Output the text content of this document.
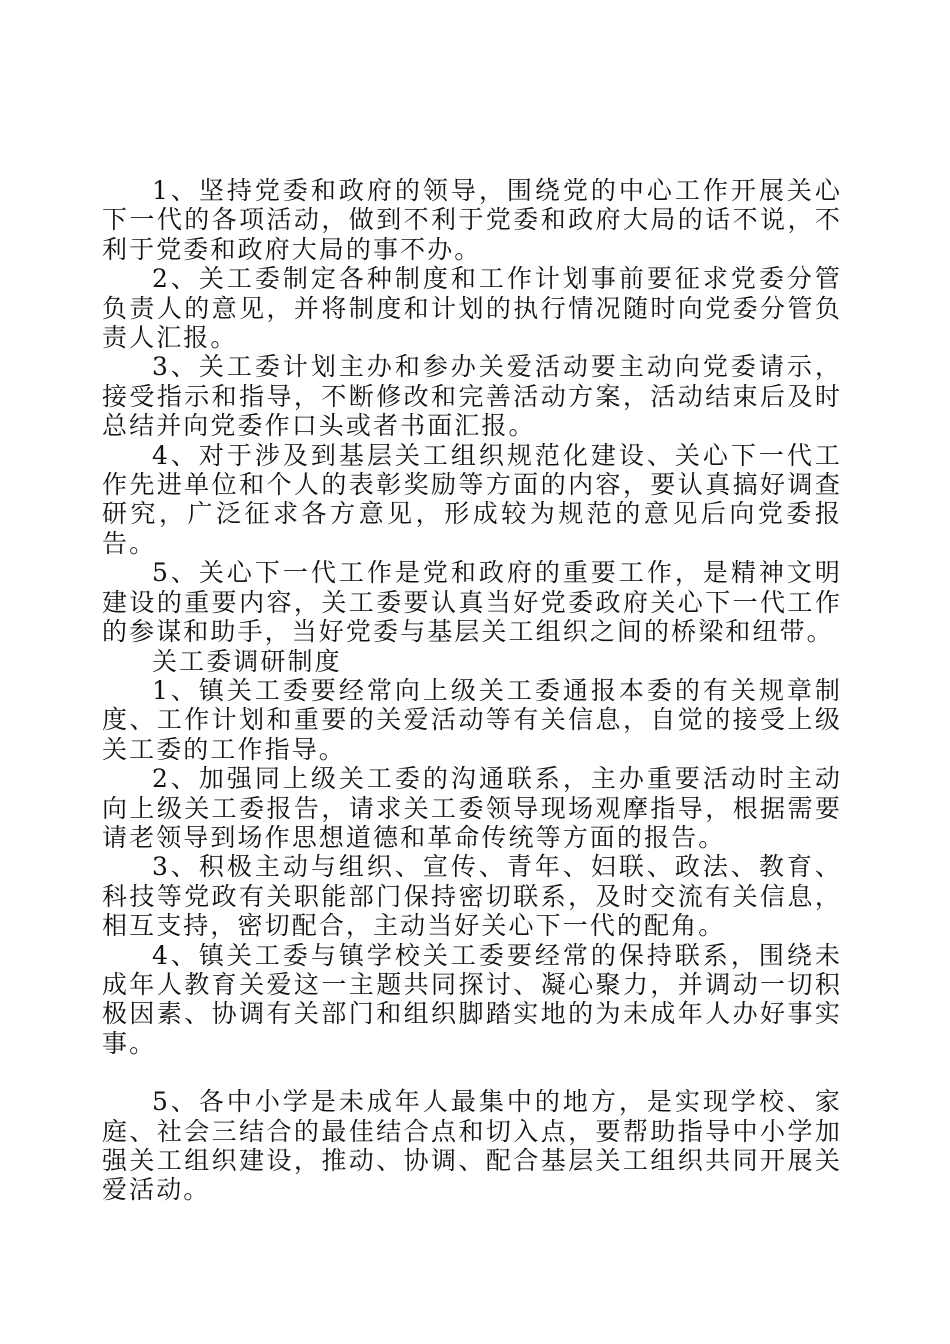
1、坚持党委和政府的领导，围绕党的中心工作开展关心下一代的各项活动，做到不利于党委和政府大局的话不说，不利于党委和政府大局的事不办。

2、关工委制定各种制度和工作计划事前要征求党委分管负责人的意见，并将制度和计划的执行情况随时向党委分管负责人汇报。

3、关工委计划主办和参办关爱活动要主动向党委请示，接受指示和指导，不断修改和完善活动方案，活动结束后及时总结并向党委作口头或者书面汇报。

4、对于涉及到基层关工组织规范化建设、关心下一代工作先进单位和个人的表彰奖励等方面的内容，要认真搞好调查研究，广泛征求各方意见，形成较为规范的意见后向党委报告。

5、关心下一代工作是党和政府的重要工作，是精神文明建设的重要内容，关工委要认真当好党委政府关心下一代工作的参谋和助手，当好党委与基层关工组织之间的桥梁和纽带。

关工委调研制度

1、镇关工委要经常向上级关工委通报本委的有关规章制度、工作计划和重要的关爱活动等有关信息，自觉的接受上级关工委的工作指导。

2、加强同上级关工委的沟通联系，主办重要活动时主动向上级关工委报告，请求关工委领导现场观摩指导，根据需要请老领导到场作思想道德和革命传统等方面的报告。

3、积极主动与组织、宣传、青年、妇联、政法、教育、科技等党政有关职能部门保持密切联系，及时交流有关信息，相互支持，密切配合，主动当好关心下一代的配角。

4、镇关工委与镇学校关工委要经常的保持联系，围绕未成年人教育关爱这一主题共同探讨、凝心聚力，并调动一切积极因素、协调有关部门和组织脚踏实地的为未成年人办好事实事。

5、各中小学是未成年人最集中的地方，是实现学校、家庭、社会三结合的最佳结合点和切入点，要帮助指导中小学加强关工组织建设，推动、协调、配合基层关工组织共同开展关爱活动。
